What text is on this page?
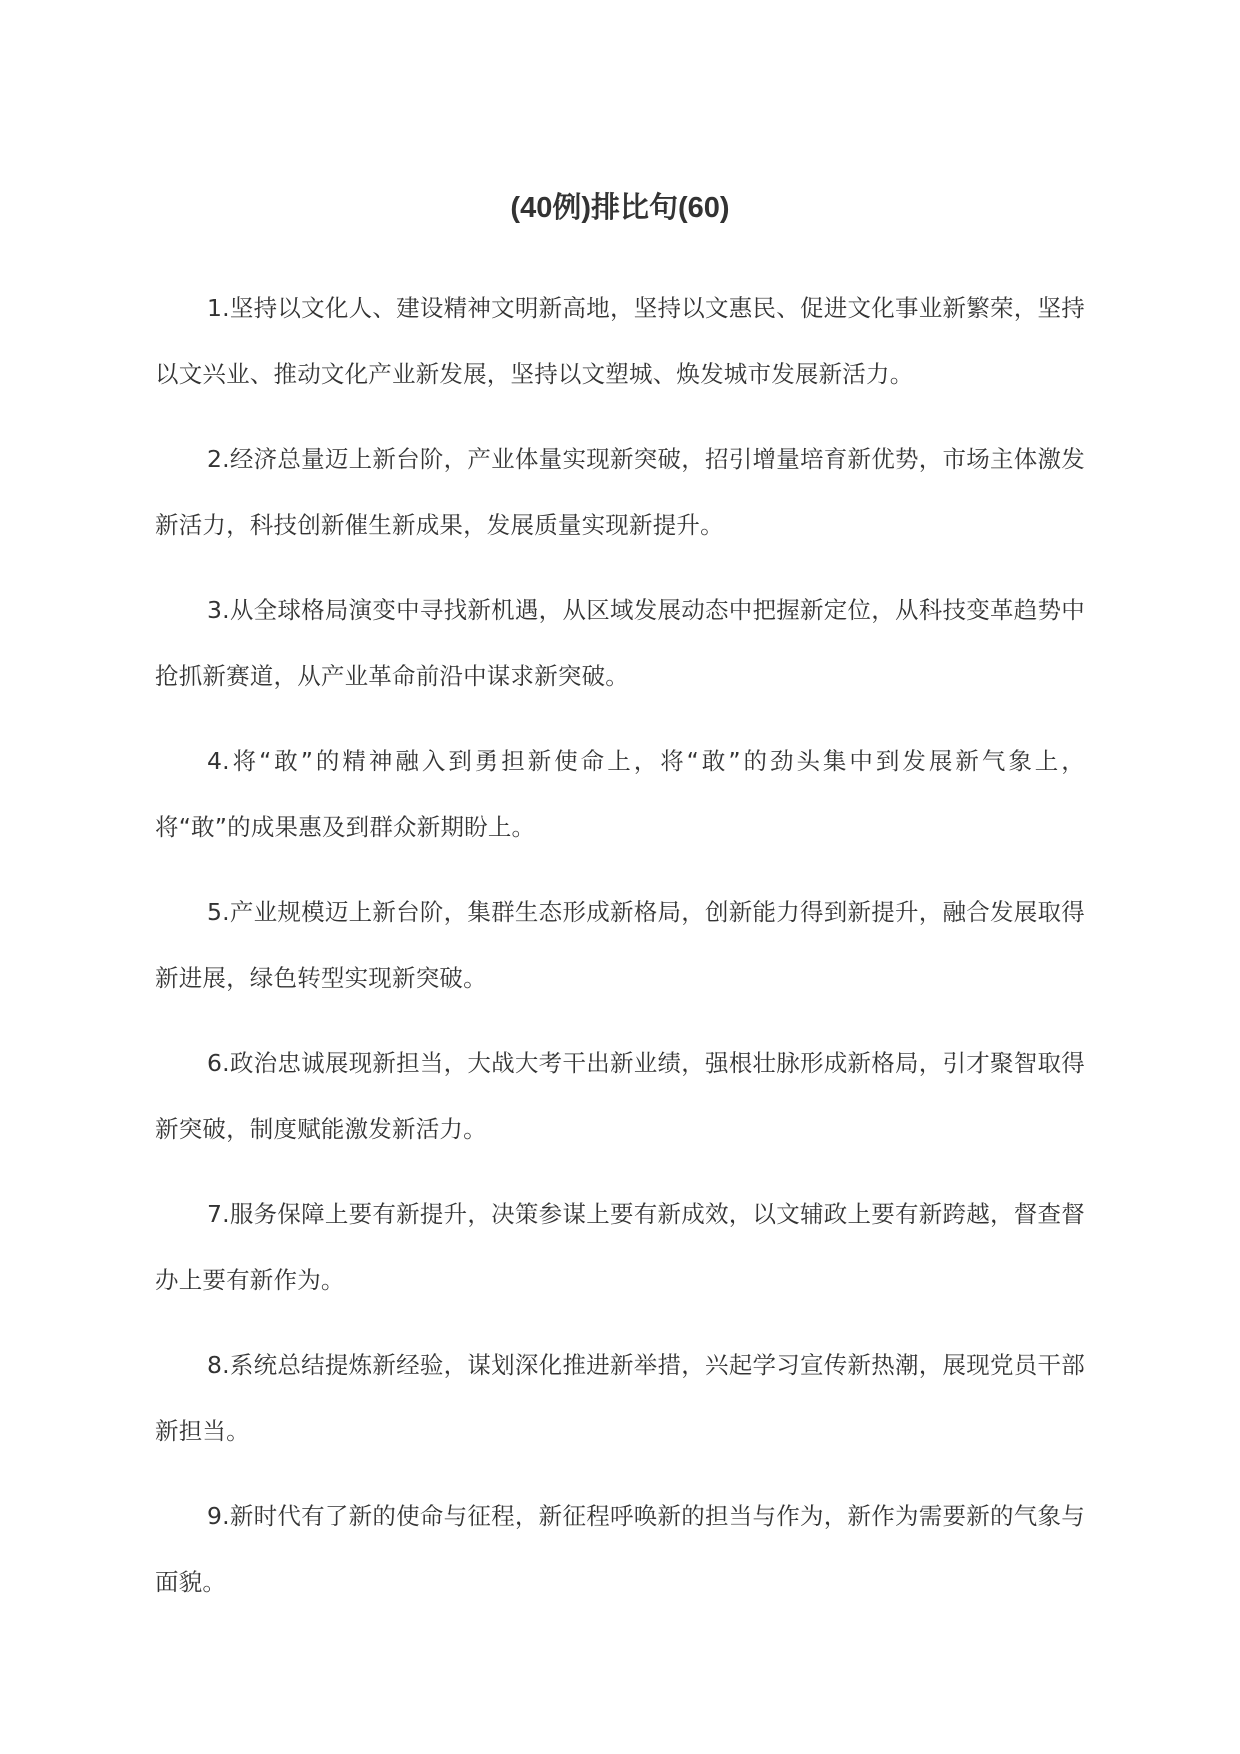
(40例)排比句(60)

1.坚持以文化人、建设精神文明新高地，坚持以文惠民、促进文化事业新繁荣，坚持以文兴业、推动文化产业新发展，坚持以文塑城、焕发城市发展新活力。

2.经济总量迈上新台阶，产业体量实现新突破，招引增量培育新优势，市场主体激发新活力，科技创新催生新成果，发展质量实现新提升。

3.从全球格局演变中寻找新机遇，从区域发展动态中把握新定位，从科技变革趋势中抢抓新赛道，从产业革命前沿中谋求新突破。

4.将“敢”的精神融入到勇担新使命上，将“敢”的劲头集中到发展新气象上，将“敢”的成果惠及到群众新期盼上。

5.产业规模迈上新台阶，集群生态形成新格局，创新能力得到新提升，融合发展取得新进展，绿色转型实现新突破。

6.政治忠诚展现新担当，大战大考干出新业绩，强根壮脉形成新格局，引才聚智取得新突破，制度赋能激发新活力。

7.服务保障上要有新提升，决策参谋上要有新成效，以文辅政上要有新跨越，督查督办上要有新作为。

8.系统总结提炼新经验，谋划深化推进新举措，兴起学习宣传新热潮，展现党员干部新担当。

9.新时代有了新的使命与征程，新征程呼唤新的担当与作为，新作为需要新的气象与面貌。
